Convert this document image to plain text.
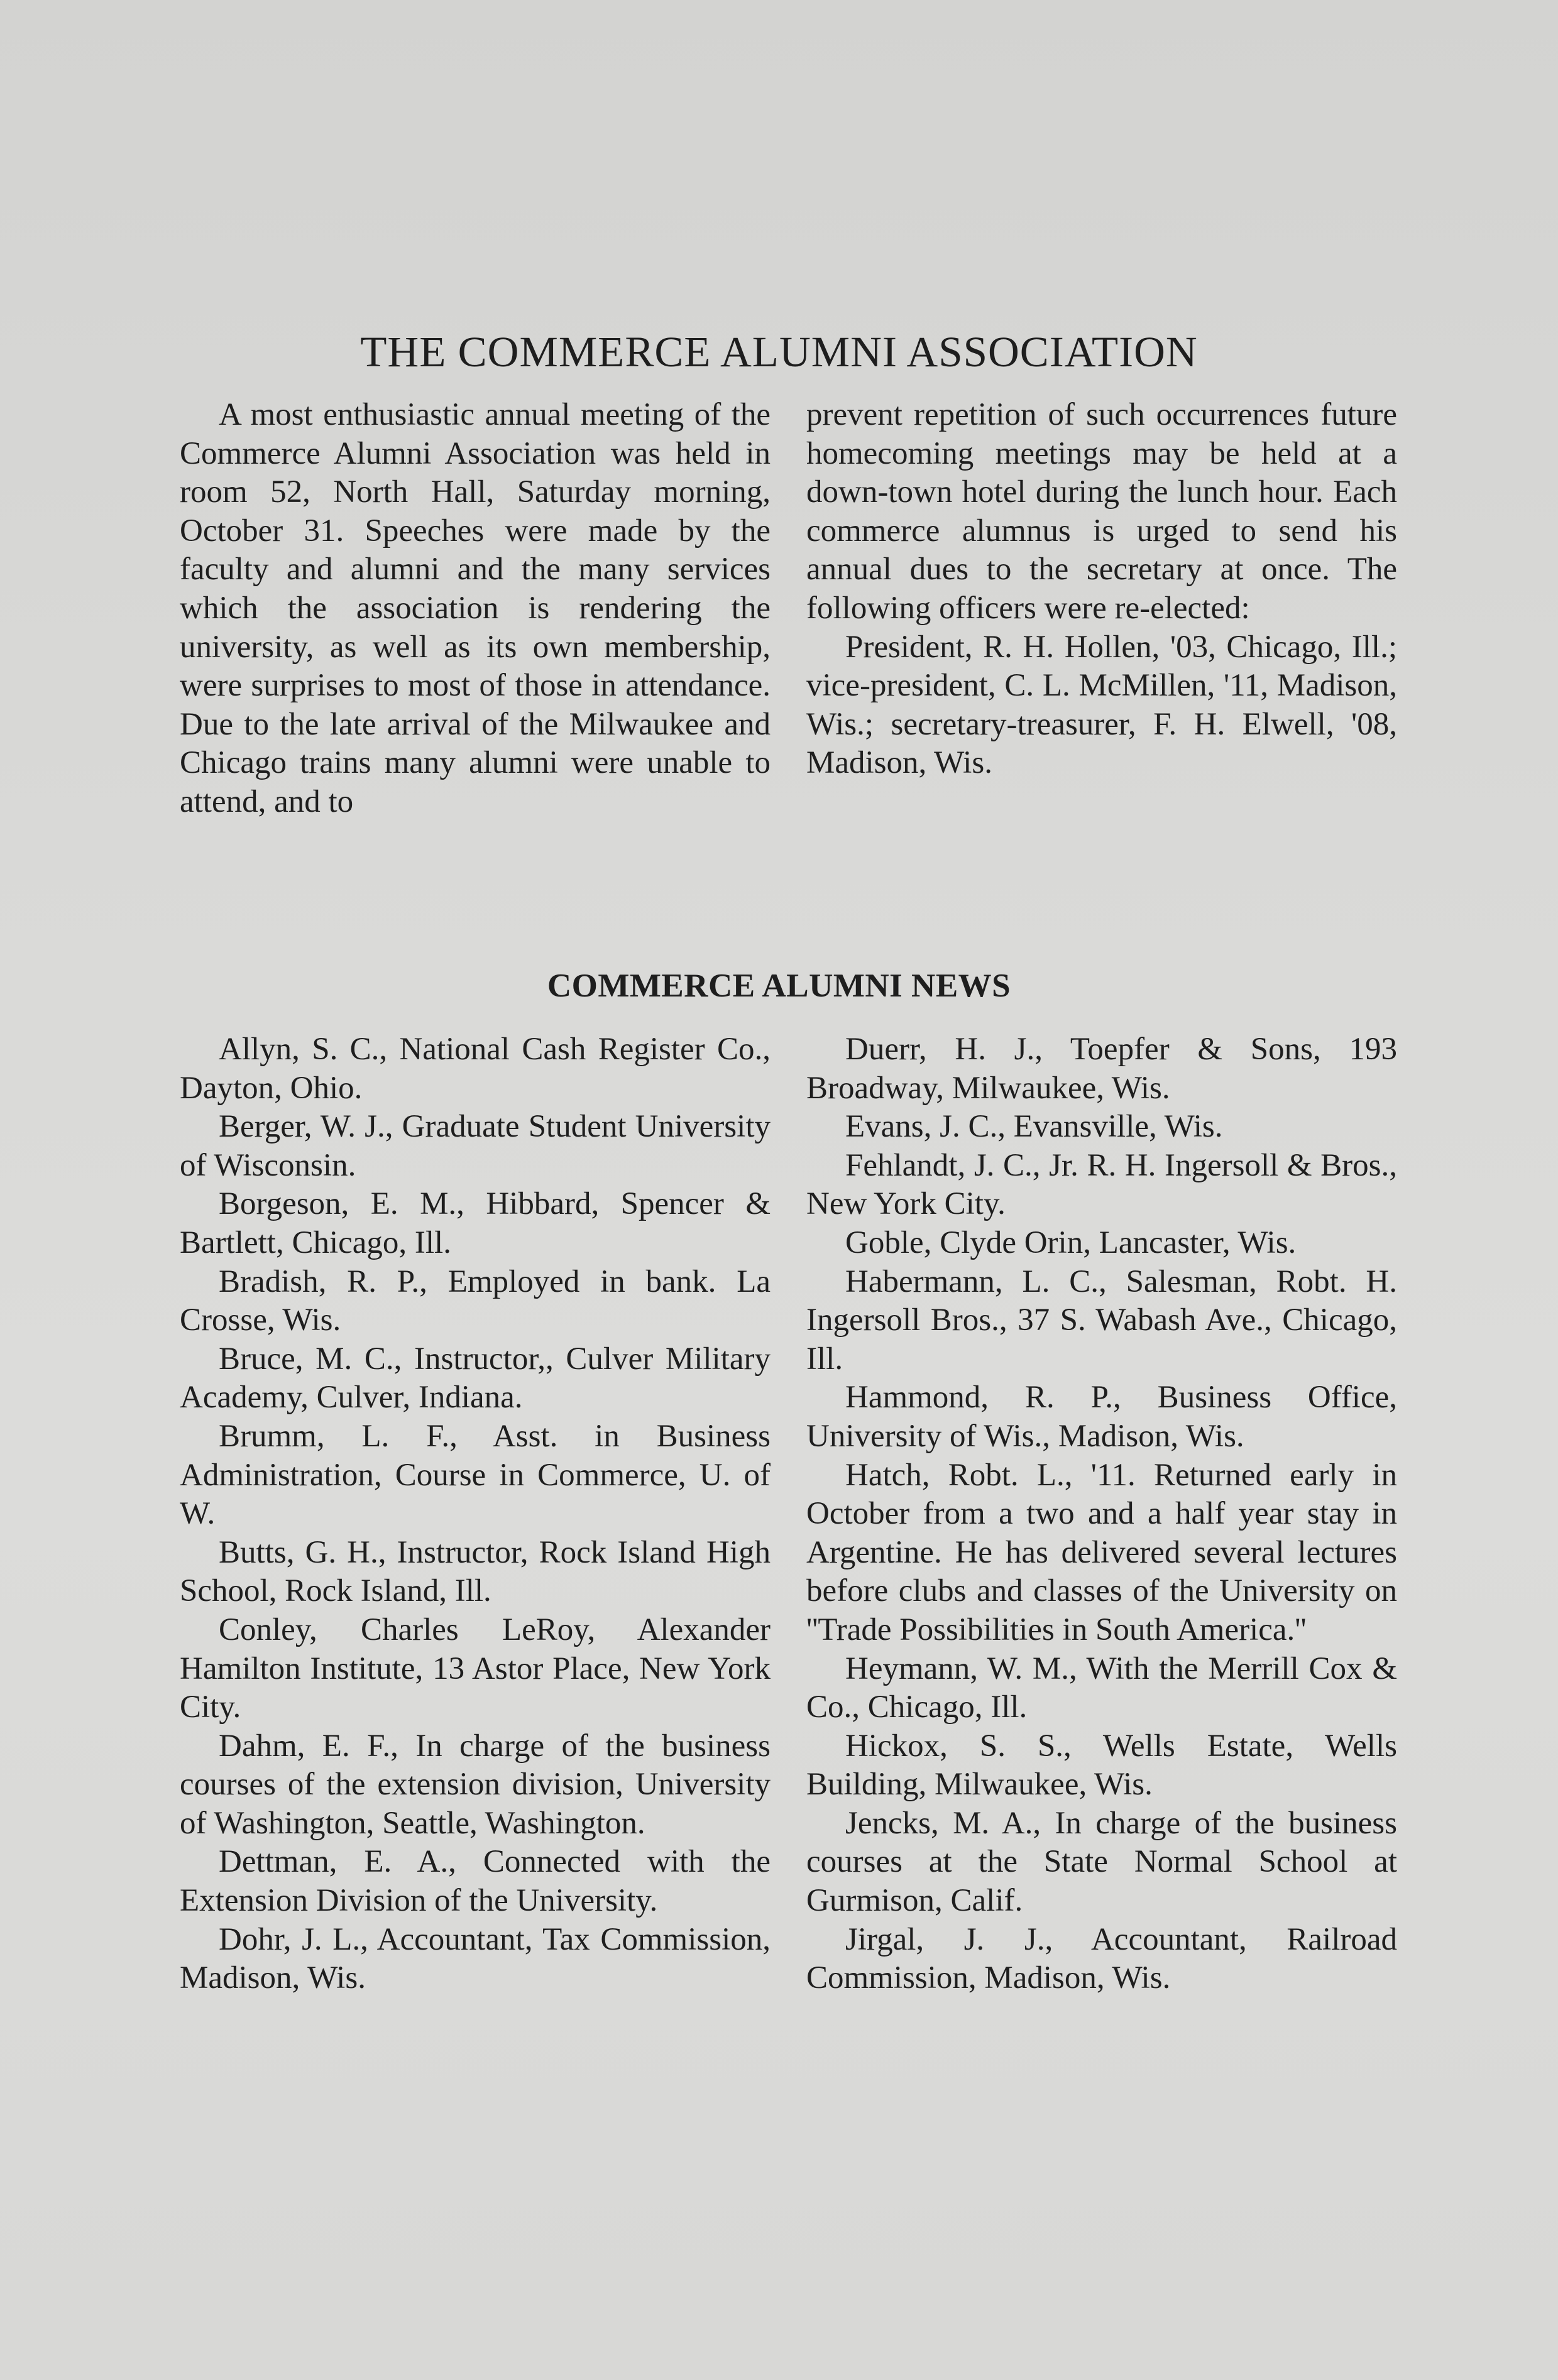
THE COMMERCE ALUMNI ASSOCIATION

A most enthusiastic annual meeting of the Commerce Alumni Association was held in room 52, North Hall, Saturday morning, October 31. Speeches were made by the faculty and alumni and the many services which the association is rendering the university, as well as its own membership, were surprises to most of those in attendance. Due to the late arrival of the Milwaukee and Chicago trains many alumni were unable to attend, and to

prevent repetition of such occurrences future homecoming meetings may be held at a down-town hotel during the lunch hour. Each commerce alumnus is urged to send his annual dues to the secretary at once. The following officers were re-elected:

President, R. H. Hollen, '03, Chicago, Ill.; vice-president, C. L. McMillen, '11, Madison, Wis.; secretary-treasurer, F. H. Elwell, '08, Madison, Wis.

COMMERCE ALUMNI NEWS

Allyn, S. C., National Cash Register Co., Dayton, Ohio.

Berger, W. J., Graduate Student University of Wisconsin.

Borgeson, E. M., Hibbard, Spencer & Bartlett, Chicago, Ill.

Bradish, R. P., Employed in bank. La Crosse, Wis.

Bruce, M. C., Instructor,, Culver Military Academy, Culver, Indiana.

Brumm, L. F., Asst. in Business Administration, Course in Commerce, U. of W.

Butts, G. H., Instructor, Rock Island High School, Rock Island, Ill.

Conley, Charles LeRoy, Alexander Hamilton Institute, 13 Astor Place, New York City.

Dahm, E. F., In charge of the business courses of the extension division, University of Washington, Seattle, Washington.

Dettman, E. A., Connected with the Extension Division of the University.

Dohr, J. L., Accountant, Tax Commission, Madison, Wis.

Duerr, H. J., Toepfer & Sons, 193 Broadway, Milwaukee, Wis.

Evans, J. C., Evansville, Wis.

Fehlandt, J. C., Jr. R. H. Ingersoll & Bros., New York City.

Goble, Clyde Orin, Lancaster, Wis.

Habermann, L. C., Salesman, Robt. H. Ingersoll Bros., 37 S. Wabash Ave., Chicago, Ill.

Hammond, R. P., Business Office, University of Wis., Madison, Wis.

Hatch, Robt. L., '11. Returned early in October from a two and a half year stay in Argentine. He has delivered several lectures before clubs and classes of the University on ''Trade Possibilities in South America.''

Heymann, W. M., With the Merrill Cox & Co., Chicago, Ill.

Hickox, S. S., Wells Estate, Wells Building, Milwaukee, Wis.

Jencks, M. A., In charge of the business courses at the State Normal School at Gurmison, Calif.

Jirgal, J. J., Accountant, Railroad Commission, Madison, Wis.
